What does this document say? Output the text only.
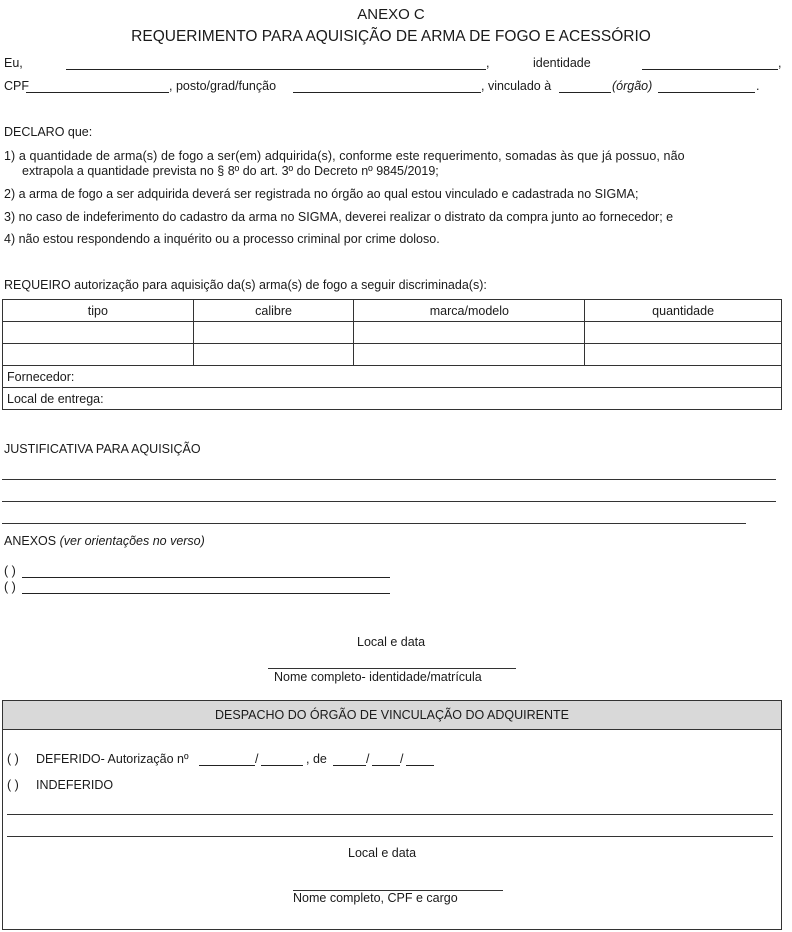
ANEXO C
REQUERIMENTO PARA AQUISIÇÃO DE ARMA DE FOGO E ACESSÓRIO
Eu,	,	identidade	,
CPF	, posto/grad/função	, vinculado à	(órgão)	.
DECLARO que:
1) a quantidade de arma(s) de fogo a ser(em) adquirida(s), conforme este requerimento, somadas às que já possuo, não
extrapola a quantidade prevista no § 8º do art. 3º do Decreto nº 9845/2019;
2) a arma de fogo a ser adquirida deverá ser registrada no órgão ao qual estou vinculado e cadastrada no SIGMA;
3) no caso de indeferimento do cadastro da arma no SIGMA, deverei realizar o distrato da compra junto ao fornecedor; e
4) não estou respondendo a inquérito ou a processo criminal por crime doloso.
REQUEIRO autorização para aquisição da(s) arma(s) de fogo a seguir discriminada(s):
tipo	calibre	marca/modelo	quantidade

Fornecedor:			
Local de entrega:			
JUSTIFICATIVA PARA AQUISIÇÃO
ANEXOS (ver orientações no verso)
( )
( )
Local e data
Nome completo- identidade/matrícula
DESPACHO DO ÓRGÃO DE VINCULAÇÃO DO ADQUIRENTE
( ) DEFERIDO- Autorização nº	/	, de	/ /
( ) INDEFERIDO
Local e data
Nome completo, CPF e cargo
